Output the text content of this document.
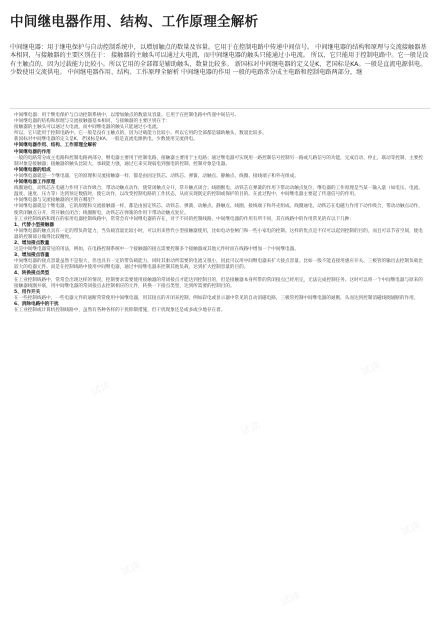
中间继电器作用、结构、工作原理全解析
中间继电器：用于继电保护与自动控制系统中，以增加触点的数量及容量。它用于在控制电路中传递中间信号。 中间继电器的结构和原理与交流接触器基本相同，与接触器的主要区别在于： 接触器的主触头可以通过大电流，而中间继电器的触头只能通过小电流。 所以，它只能用于控制电路中。它一般是没有主触点的，因为过载能力比较小。所以它用的全部都是辅助触头，数量比较多。 新国标对中间继电器的定义是K，老国标是KA。一般是直流电源供电。少数使用交流供电。 中间继电器作用、结构、工作原理全解析 中间继电器的作用 一般的电路常分成主电路和控制电路两部分，继

中间继电器：用于继电保护与自动控制系统中，以增加触点的数量及容量。它用于在控制电路中传递中间信号。

中间继电器的结构和原理与交流接触器基本相同，与接触器的主要区别在于：

接触器的主触头可以通过大电流，而中间继电器的触头只能通过小电流。

所以，它只能用于控制电路中。它一般是没有主触点的，因为过载能力比较小。所以它用的全部都是辅助触头，数量比较多。

新国标对中间继电器的定义是K，老国标是KA。一般是直流电源供电。少数使用交流供电。

中间继电器作用、结构、工作原理全解析

中间继电器的作用

一般的电路常分成主电路和控制电路两部分，继电器主要用于控制电路，接触器主要用于主电路；通过继电器可实现用一路控制信号控制另一路或几路信号的功能，完成启动、停止、联动等控制，主要控制对象是接触器；接触器的触头比较大，承载能力强，通过它来实现弱电到强电的控制，控制对象是电器。

中间继电器的组成

中间继电器就是一个继电器，它的原理和交流接触器一样，都是由固定铁芯、动铁芯、弹簧、动触点、静触点、线圈、接线端子和外壳组成。

中间继电器工作原理

线圈通电，动铁芯在电磁力作用下动作吸合，带动动触点动作，使常闭触点分开，常开触点闭合；线圈断电，动铁芯在弹簧的作用下带动动触点复位，继电器的工作原理是当某一输入量（如电压、电流、温度、速度、压力等）达到预定数值时，使它动作，以改变控制电路的工作状态，从而实现既定的控制或保护的目的。在此过程中，中间继电器主要起了传递信号的作用。

中间继电器与交流接触器的区别在哪里？

中间继电器就是个继电器，它的原理和交流接触器一样，都是由固定铁芯、动铁芯、弹簧、动触点、静触点、线圈、接线端子和外壳组成。线圈通电，动铁芯在电磁力作用下动作吸合，带动动触点动作，使常闭触点分开，常开触点闭合；线圈断电，动铁芯在弹簧的作用下带动动触点复位。

在工业控制线路和现在的家用电器控制线路中，常常会有中间继电器的存在，对于不同的控制线路，中间继电器的作用有所不同，其在线路中的作用常见的有以下几种：

1、代替小型接触器

中间继电器的触点具有一定的带负荷能力，当负载容量比较小时，可以用来替代小型接触器使用，比如电动卷闸门和一些小家电的控制。这样的优点是不仅可以起到控制的目的，而且可以节省空间，使电器的控制部分做得比较精致。

2、增加接点数量

这是中间继电器常见的用法，例如，在电路控制系统中一个接触器的接点需要控制多个接触器或其他元件时而在线路中增加一个中间继电器。

3、增加接点容量

中间继电器的接点容量虽然不是很大，但也具有一定的带负载能力，同时其驱动所需要的电流又很小，因此可以用中间继电器来扩大接点容量。比如一般不能直接用感应开关、三极管的输出去控制负载比较大的电器元件。而是在控制线路中使用中间继电器，通过中间继电器来控制其他负载，达到扩大控制容量的目的。

4、转换接点类型

在工业控制线路中，常常会出现这样的情况，控制要求需要使用接触器的常闭接点才能达到控制目的，但是接触器本身所带的常闭接点已经用完，无法完成控制任务。这时可以将一个中间继电器与原来的接触器线圈并联，用中间继电器的常闭接点去控制相应的元件，转换一下接点类型，达到所需要的控制目的。

5、用作开关

在一些控制线路中，一些电器元件的通断常常使用中间继电器，用其接点的开闭来控制，例如彩电或显示器中常见的自动消磁电路，三极管控制中间继电器的通断，从而达到控制消磁线圈通断的作用。

6、消除电路中的干扰

在工业控制或计算机控制线路中，虽然有各种各样的干扰抑制措施，但干扰现象还是或多或少地存在着。

试读
试读
试读
试读
试读
试读
试读
试读
试读
